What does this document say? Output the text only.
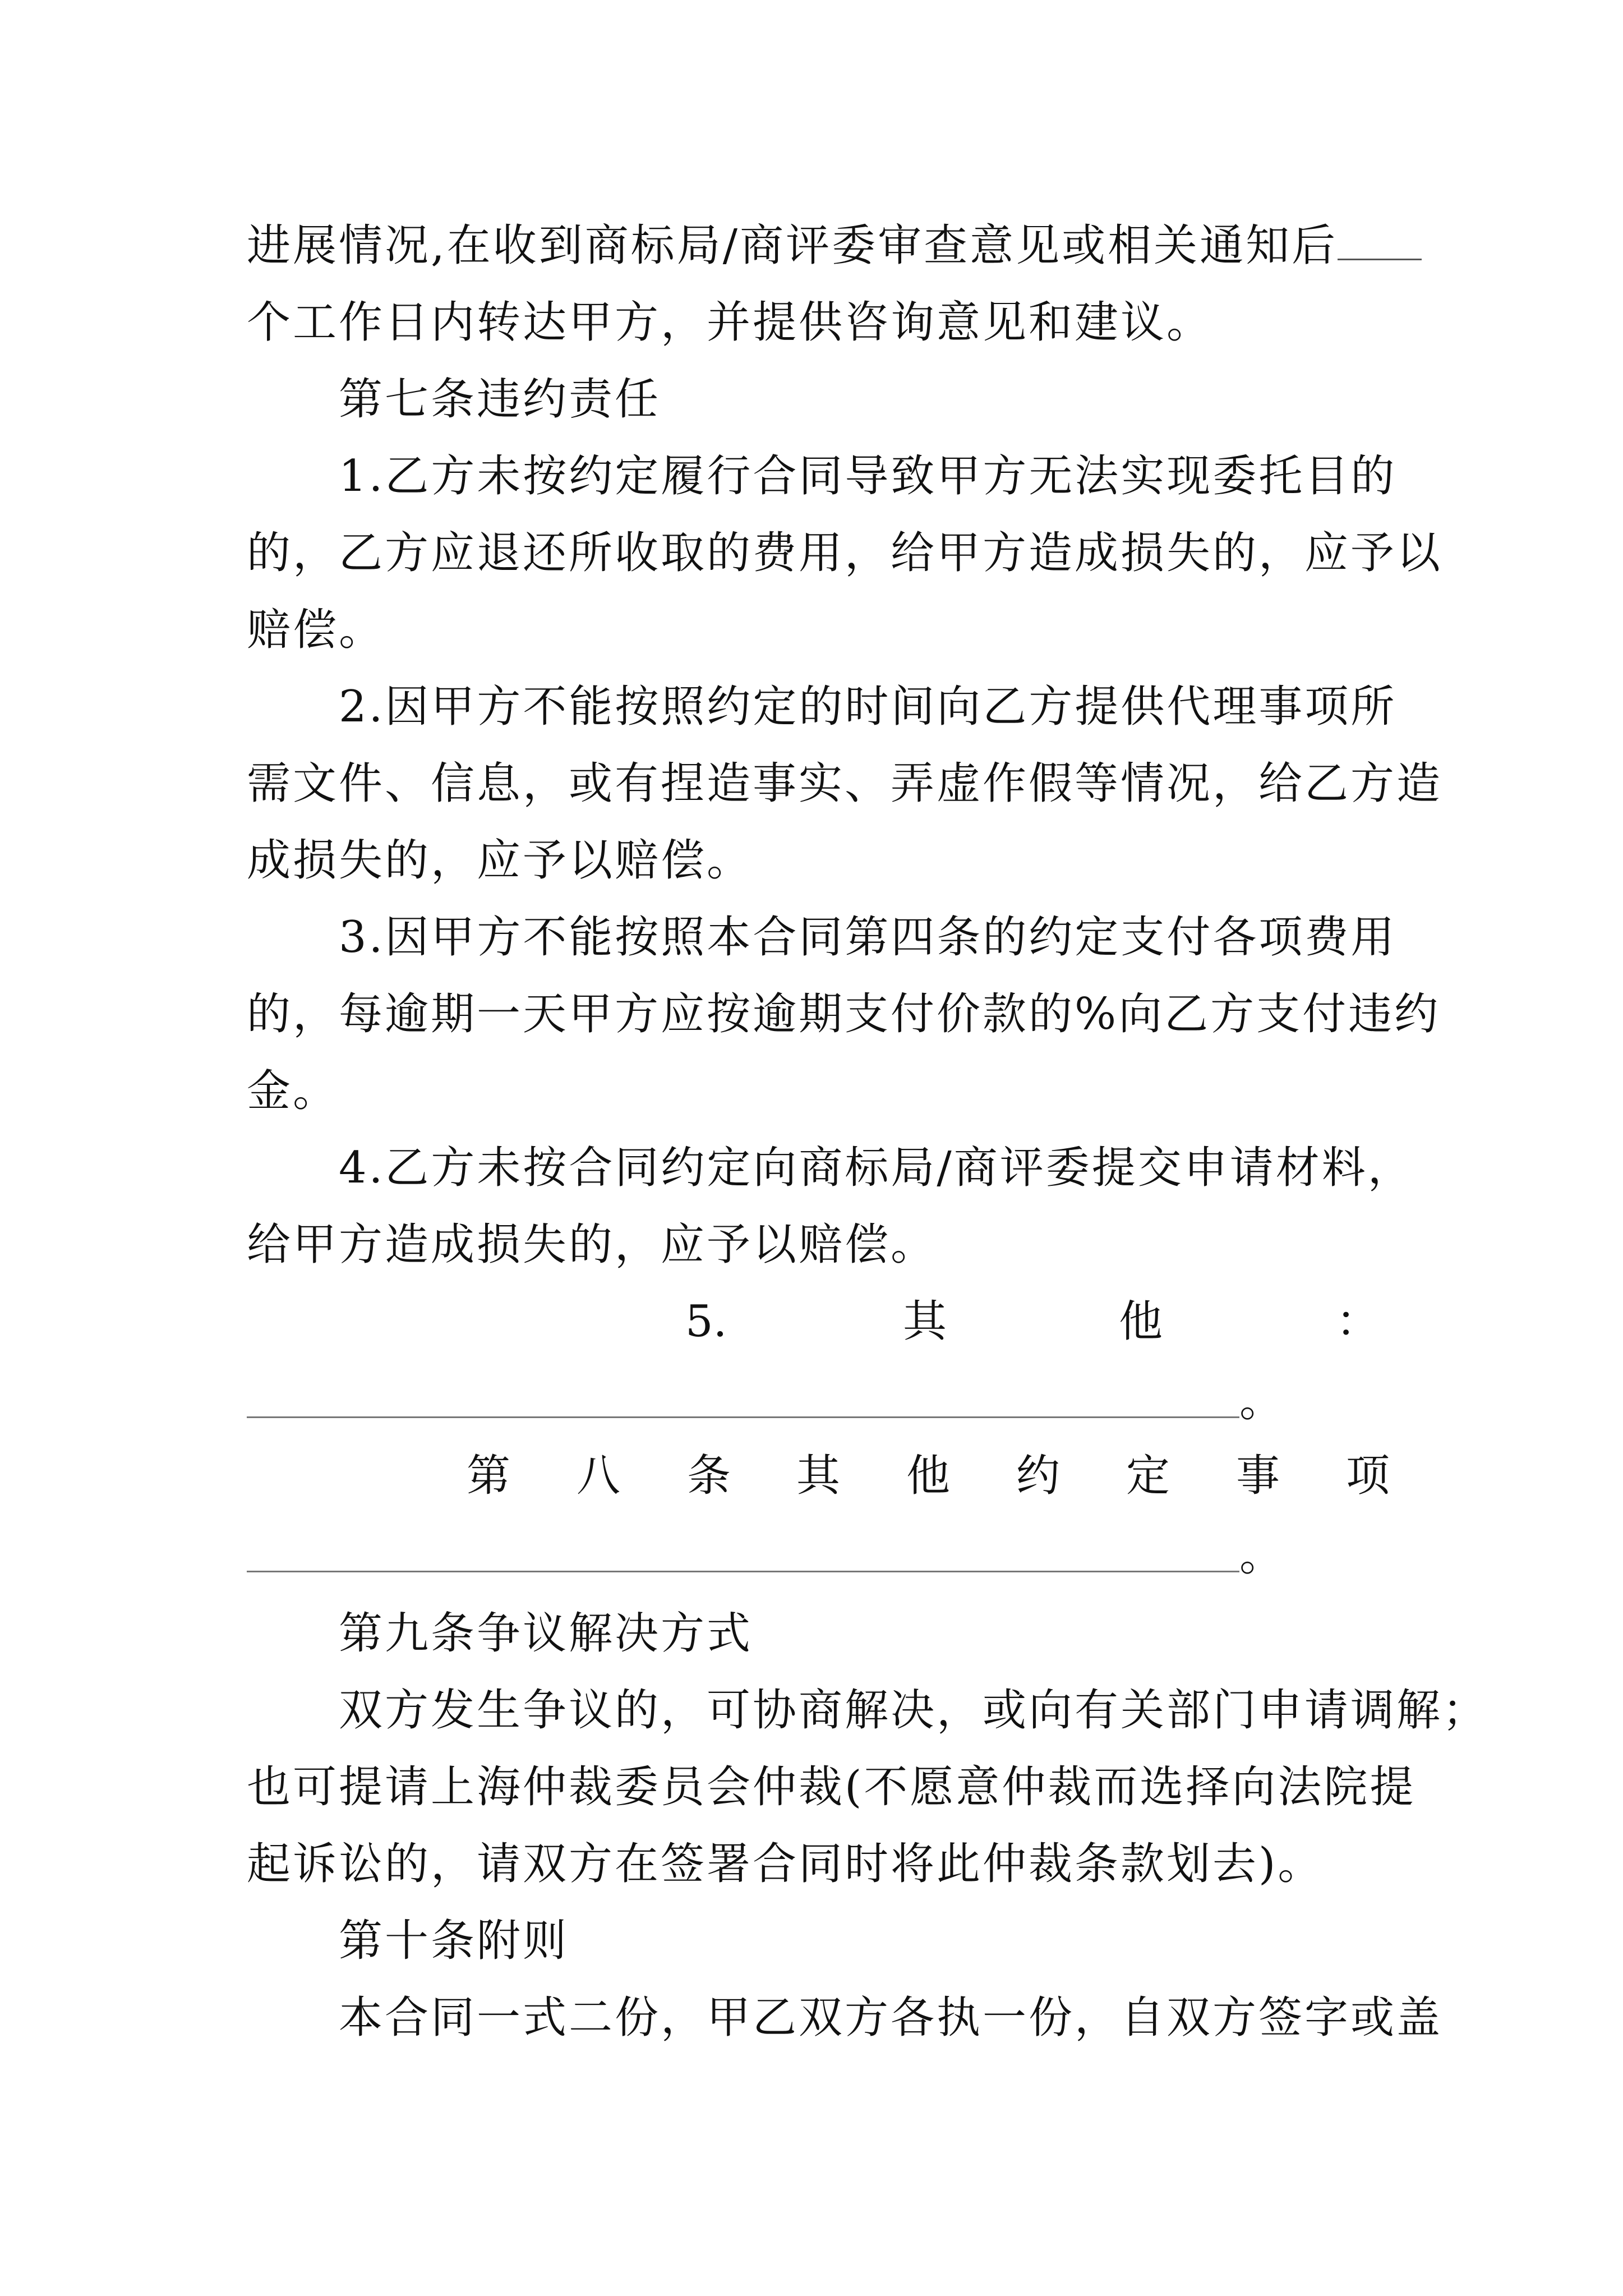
进展情况,在收到商标局/商评委审查意见或相关通知后
个工作日内转达甲方，并提供咨询意见和建议。
第七条违约责任
1.乙方未按约定履行合同导致甲方无法实现委托目的
的，乙方应退还所收取的费用，给甲方造成损失的，应予以
赔偿。
2.因甲方不能按照约定的时间向乙方提供代理事项所
需文件、信息，或有捏造事实、弄虚作假等情况，给乙方造
成损失的，应予以赔偿。
3.因甲方不能按照本合同第四条的约定支付各项费用
的，每逾期一天甲方应按逾期支付价款的%向乙方支付违约
金。
4.乙方未按合同约定向商标局/商评委提交申请材料，
给甲方造成损失的，应予以赔偿。
5.	其	他	：
。
第 八 条 其 他 约 定 事 项
。
第九条争议解决方式
双方发生争议的，可协商解决，或向有关部门申请调解；
也可提请上海仲裁委员会仲裁(不愿意仲裁而选择向法院提
起诉讼的，请双方在签署合同时将此仲裁条款划去)。
第十条附则
本合同一式二份，甲乙双方各执一份，自双方签字或盖
